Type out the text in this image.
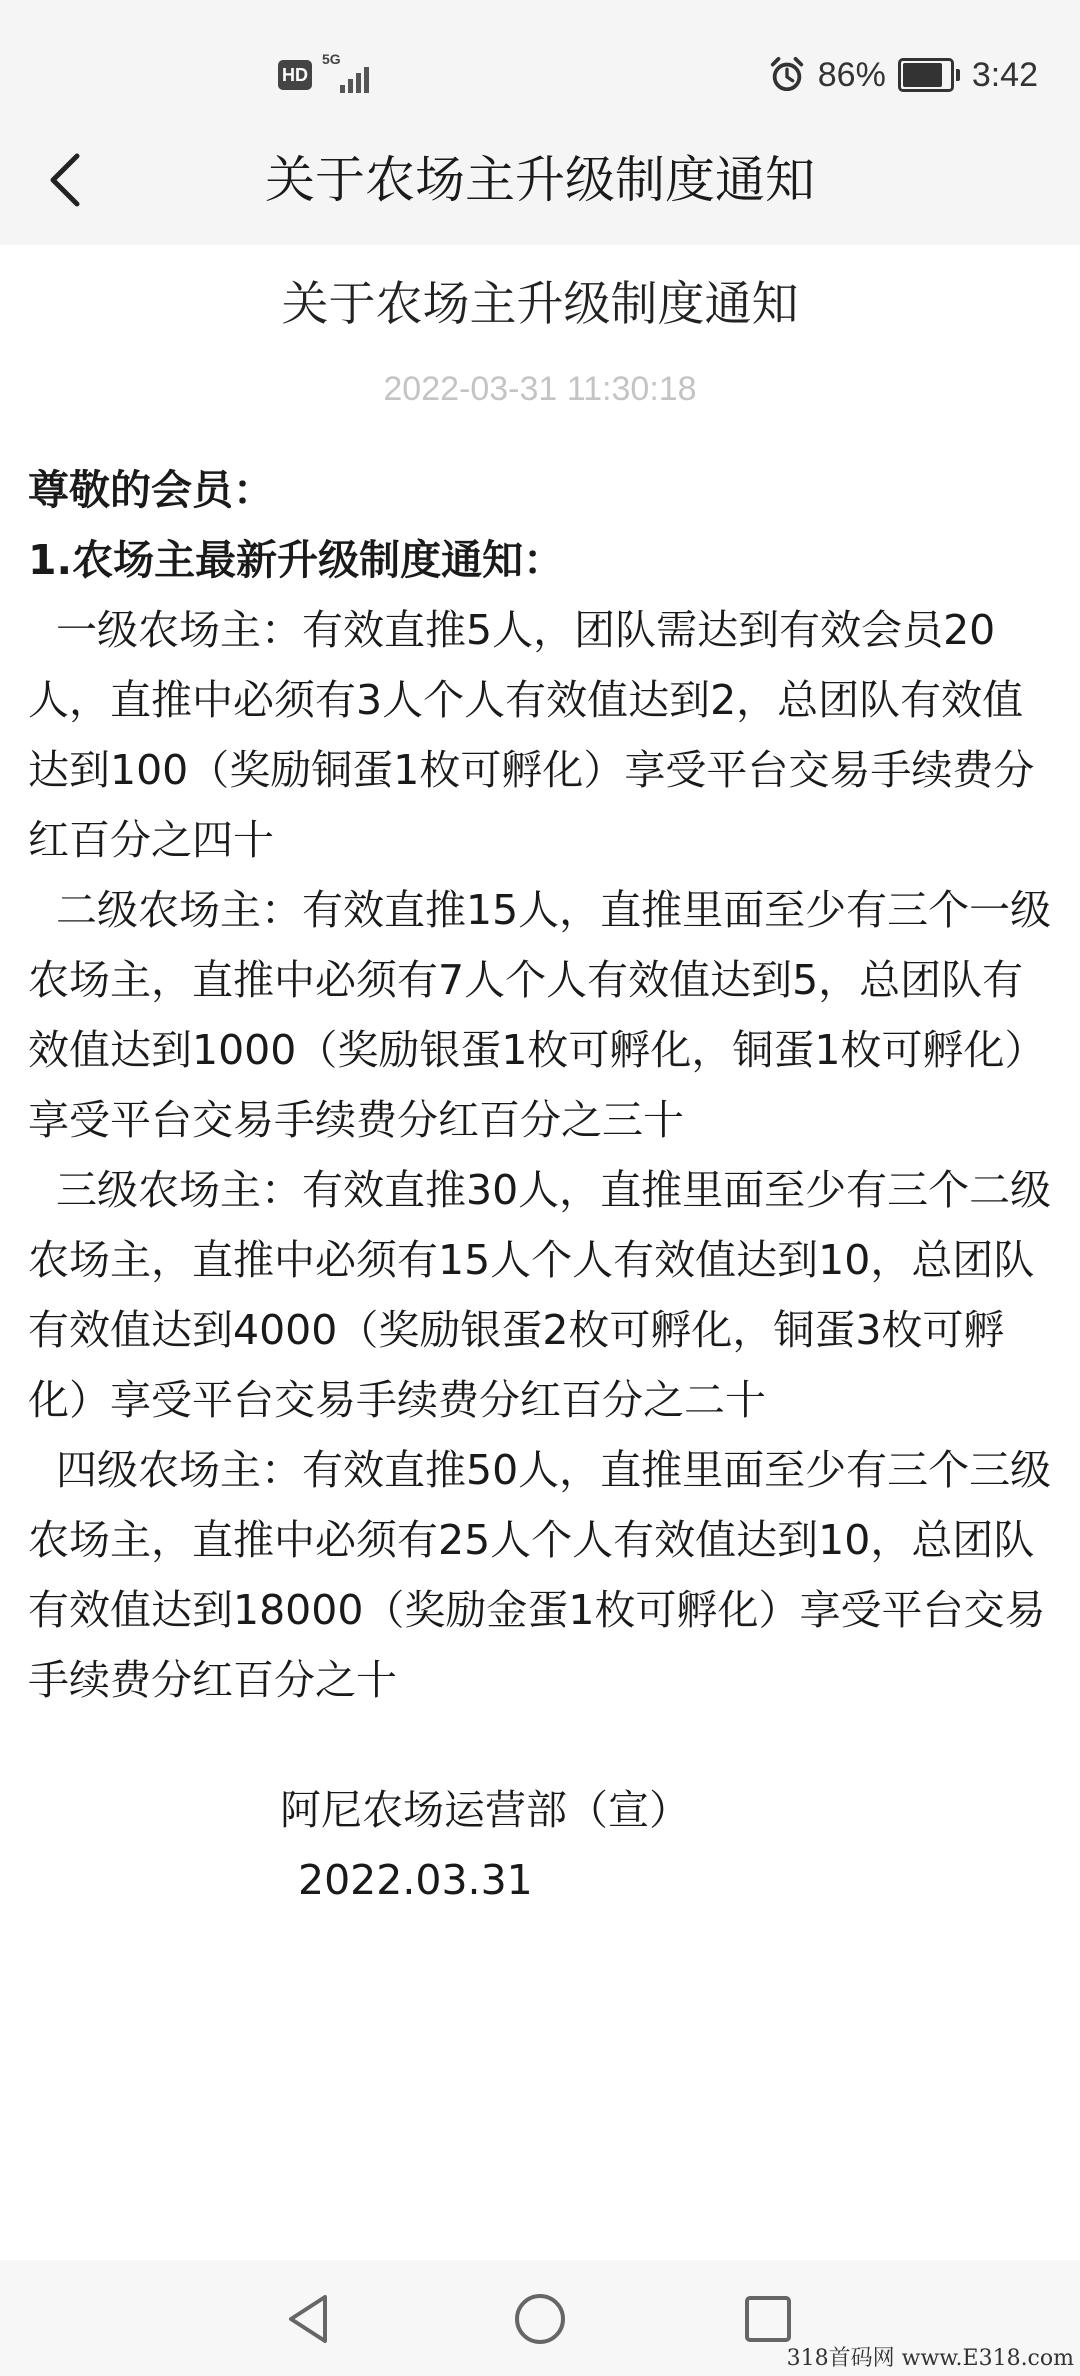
HD
5G	86%	3:42
关于农场主升级制度通知
关于农场主升级制度通知
2022-03-31 11:30:18

尊敬的会员：

1.农场主最新升级制度通知：

一级农场主：有效直推5人，团队需达到有效会员20人，直推中必须有3人个人有效值达到2，总团队有效值达到100（奖励铜蛋1枚可孵化）享受平台交易手续费分红百分之四十

二级农场主：有效直推15人，直推里面至少有三个一级农场主，直推中必须有7人个人有效值达到5，总团队有效值达到1000（奖励银蛋1枚可孵化，铜蛋1枚可孵化）享受平台交易手续费分红百分之三十

三级农场主：有效直推30人，直推里面至少有三个二级农场主，直推中必须有15人个人有效值达到10，总团队有效值达到4000（奖励银蛋2枚可孵化，铜蛋3枚可孵化）享受平台交易手续费分红百分之二十

四级农场主：有效直推50人，直推里面至少有三个三级农场主，直推中必须有25人个人有效值达到10，总团队有效值达到18000（奖励金蛋1枚可孵化）享受平台交易手续费分红百分之十

阿尼农场运营部（宣）
2022.03.31
318首码网 www.E318.com
